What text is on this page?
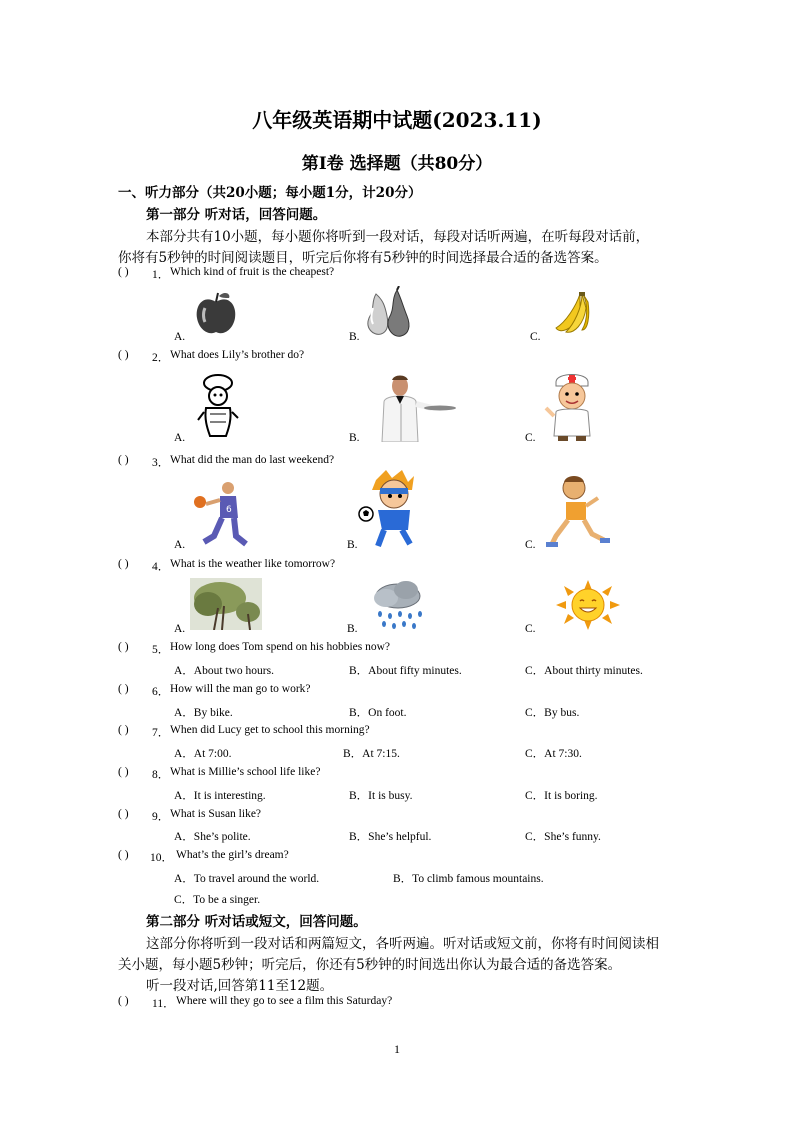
八年级英语期中试题(2023.11)
第Ⅰ卷 选择题（共80分）
一、听力部分（共20小题；每小题1分，计20分）
第一部分 听对话，回答问题。
本部分共有10小题，每小题你将听到一段对话，每段对话听两遍，在听每段对话前，
你将有5秒钟的时间阅读题目，听完后你将有5秒钟的时间选择最合适的备选答案。
( ) 1． Which kind of fruit is the cheapest?
A.	B.	C.
( ) 2． What does Lily’s brother do?
A.	B.	C.
( ) 3． What did the man do last weekend?
A.	B.	C.
6
( ) 4． What is the weather like tomorrow?
A.	B.	C.
( ) 5． How long does Tom spend on his hobbies now?
A．About two hours.	B．About fifty minutes.	C．About thirty minutes.
( ) 6． How will the man go to work?
A．By bike.	B．On foot.	C．By bus.
( ) 7． When did Lucy get to school this morning?
A．At 7:00.	B．At 7:15.	C．At 7:30.
( ) 8． What is Millie’s school life like?
A．It is interesting.	B．It is busy.	C．It is boring.
( ) 9． What is Susan like?
A．She’s polite.	B．She’s helpful.	C．She’s funny.
( ) 10． What’s the girl’s dream?
A．To travel around the world.	B．To climb famous mountains.
C．To be a singer.
第二部分 听对话或短文，回答问题。
这部分你将听到一段对话和两篇短文，各听两遍。听对话或短文前，你将有时间阅读相
关小题，每小题5秒钟；听完后，你还有5秒钟的时间选出你认为最合适的备选答案。
听一段对话,回答第11至12题。
( ) 11． Where will they go to see a film this Saturday?
1
